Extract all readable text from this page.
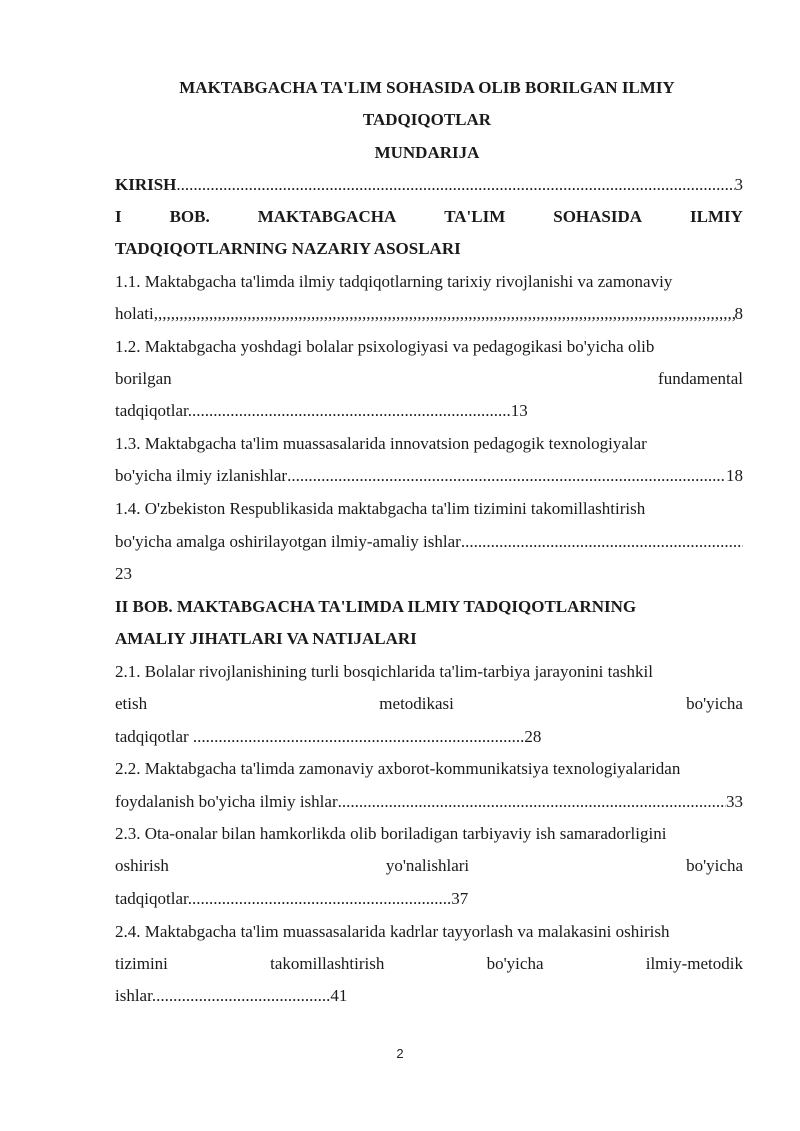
MAKTABGACHA TA'LIM SOHASIDA OLIB BORILGAN ILMIY
TADQIQOTLAR
MUNDARIJA
KIRISH .....	3
I	BOB.	MAKTABGACHA	TA'LIM	SOHASIDA	ILMIY
TADQIQOTLARNING NAZARIY ASOSLARI
1.1. Maktabgacha ta'limda ilmiy tadqiqotlarning tarixiy rivojlanishi va zamonaviy
holati ,,,,,,,,,,,,,,,,,,,,,,,,,,,,,,,,,,,,,,,,,,,,,,,,,,,,,,,,,,,,,,,,,,,,,,,,,,,,,,,,,,,,,,,,,,,,,,,,,,,,,,,,,,,,,,,,,,,,,,,,,,,,,,,,,,,,,,,,,,,,,,,,,,,,,,,,,,,,,,,,,,,,,,,,,,,,,,,,,,,,,,,,,,,,,,,,,,,,,,,,,,,,,,,,	8
1.2. Maktabgacha yoshdagi bolalar psixologiyasi va pedagogikasi bo'yicha olib
borilgan	fundamental
tadqiqotlar............................................................................13
1.3. Maktabgacha ta'lim muassasalarida innovatsion pedagogik texnologiyalar
bo'yicha ilmiy izlanishlar .....	18
1.4. O'zbekiston Respublikasida maktabgacha ta'lim tizimini takomillashtirish
bo'yicha amalga oshirilayotgan ilmiy-amaliy ishlar
.....
23
II BOB. MAKTABGACHA TA'LIMDA ILMIY TADQIQOTLARNING
AMALIY JIHATLARI VA NATIJALARI
2.1. Bolalar rivojlanishining turli bosqichlarida ta'lim-tarbiya jarayonini tashkil
etish	metodikasi	bo'yicha
tadqiqotlar ..............................................................................28
2.2. Maktabgacha ta'limda zamonaviy axborot-kommunikatsiya texnologiyalaridan
foydalanish bo'yicha ilmiy ishlar .....	33
2.3. Ota-onalar bilan hamkorlikda olib boriladigan tarbiyaviy ish samaradorligini
oshirish	yo'nalishlari	bo'yicha
tadqiqotlar..............................................................37
2.4. Maktabgacha ta'lim muassasalarida kadrlar tayyorlash va malakasini oshirish
tizimini	takomillashtirish	bo'yicha	ilmiy-metodik
ishlar..........................................41
2
